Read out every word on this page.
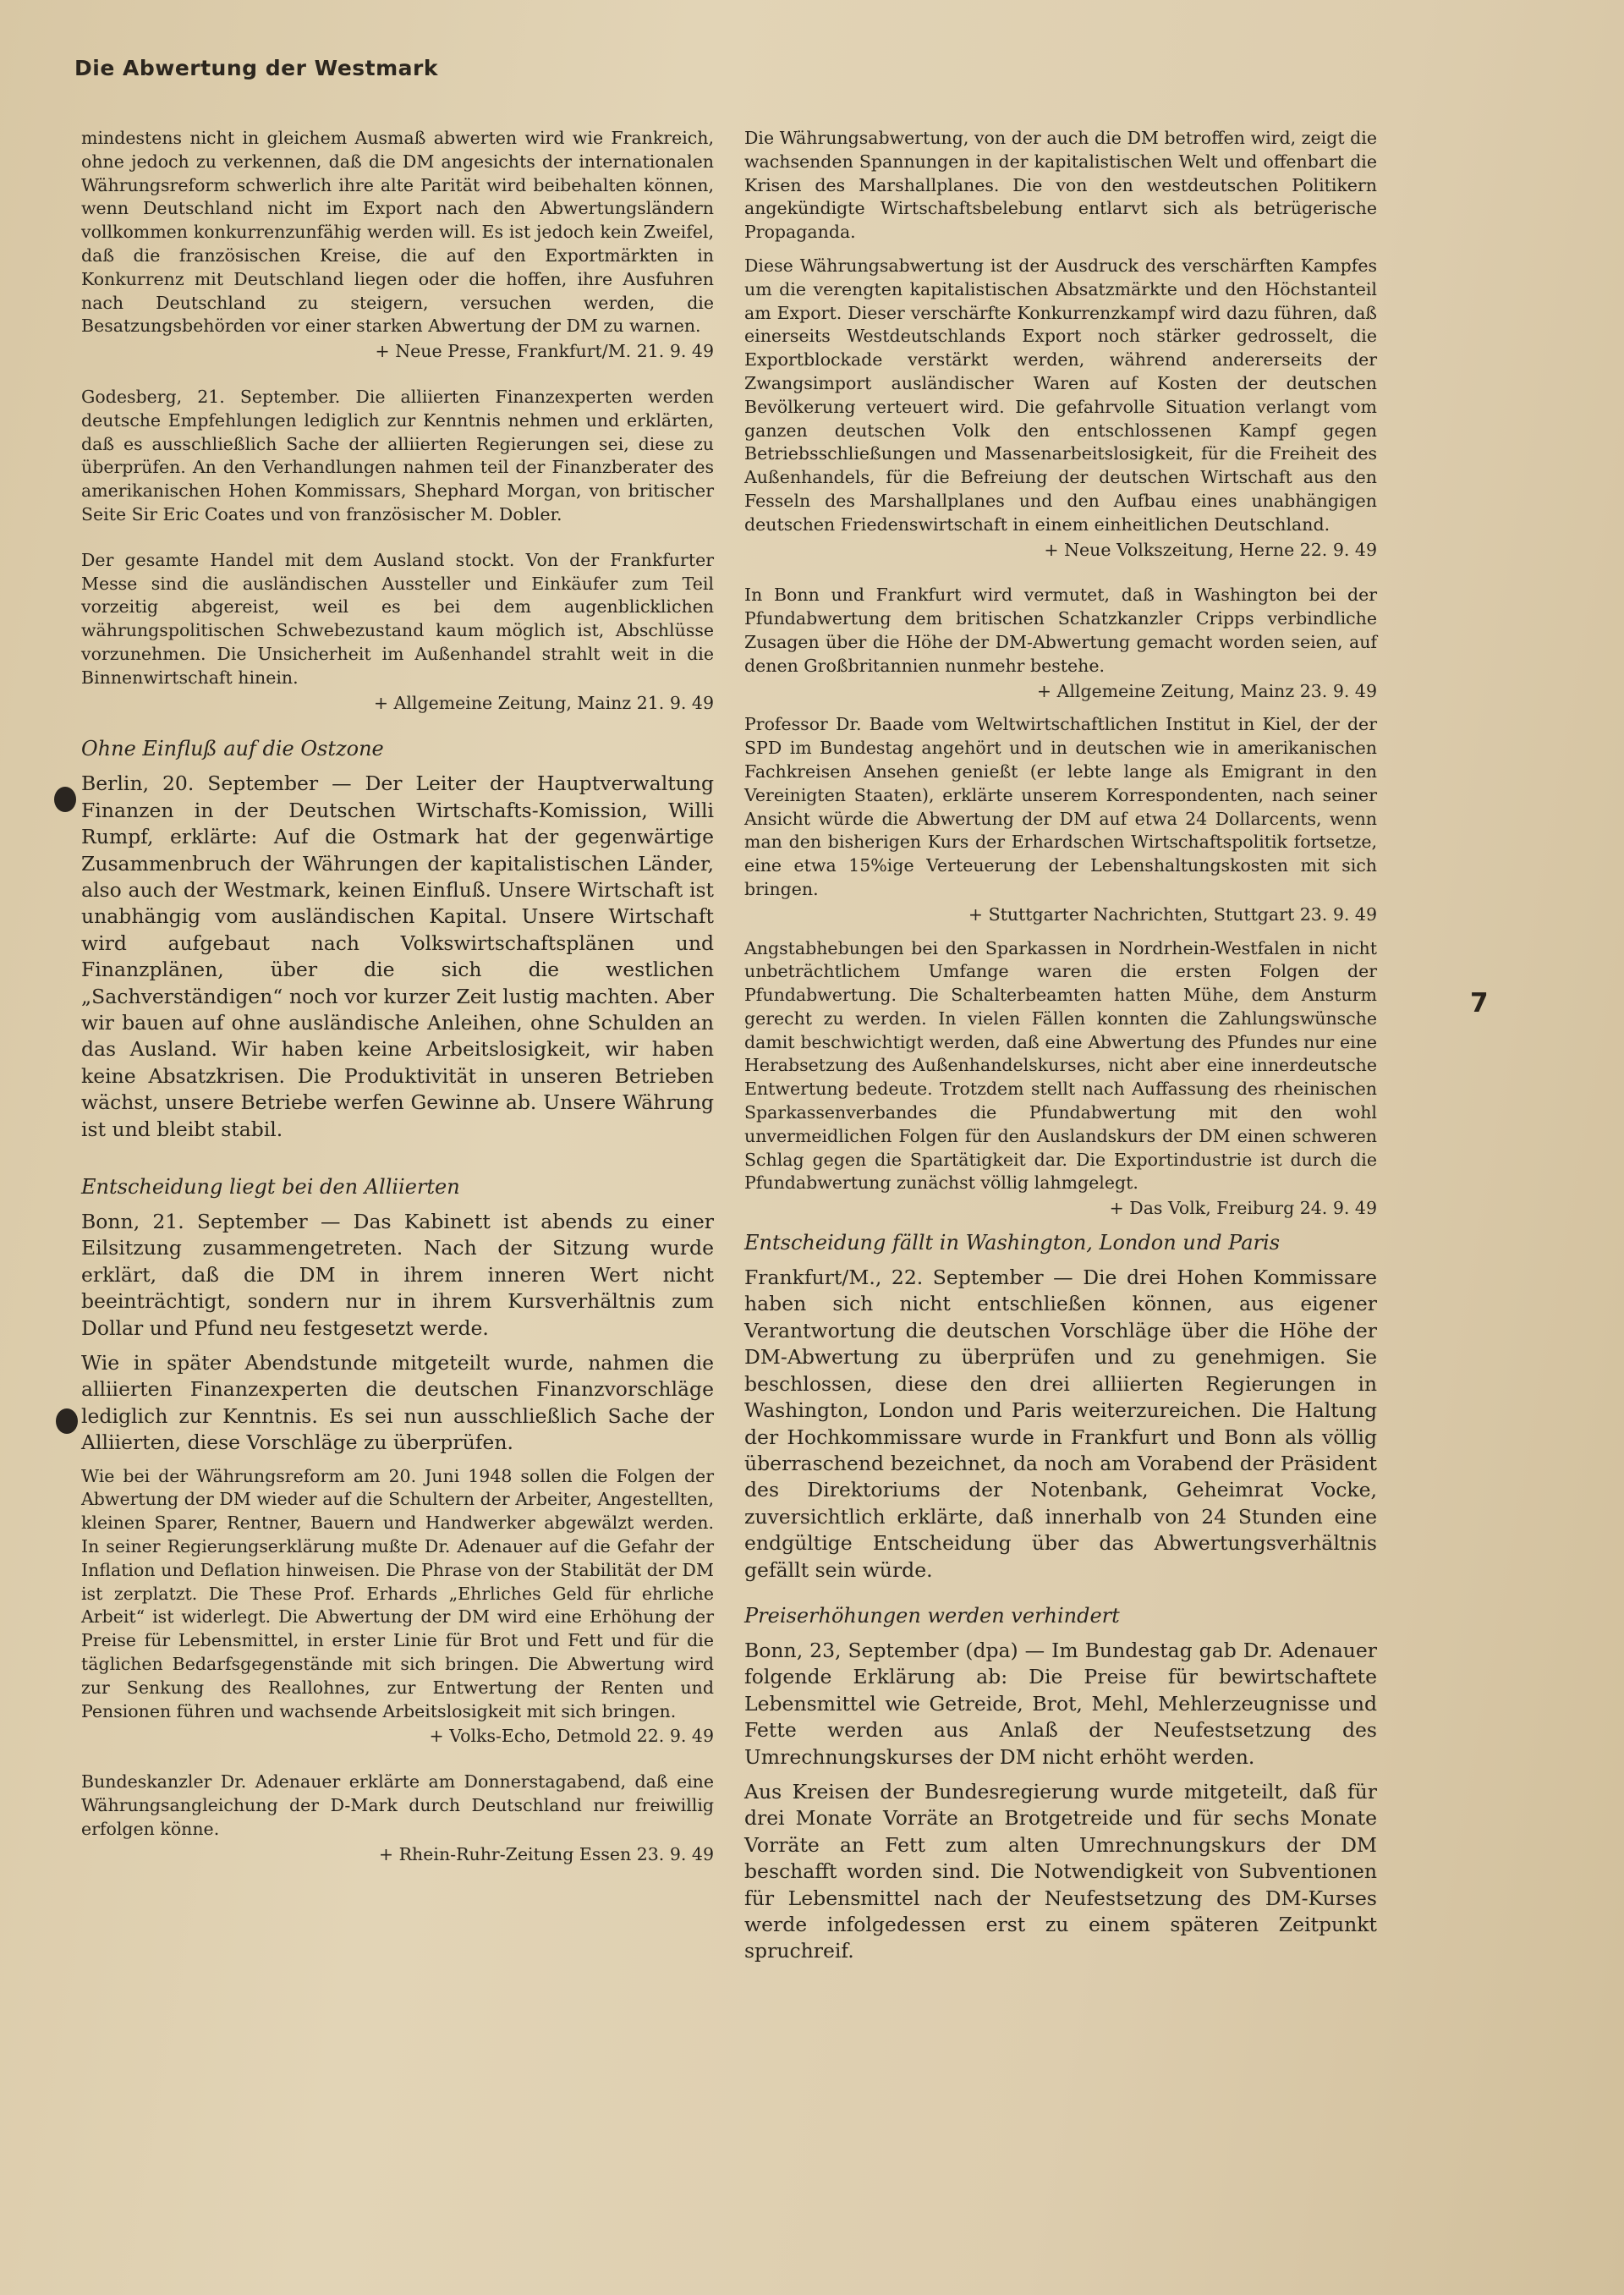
Die Abwertung der Westmark

mindestens nicht in gleichem Ausmaß abwerten wird wie Frankreich, ohne jedoch zu verkennen, daß die DM angesichts der internationalen Währungsreform schwerlich ihre alte Parität wird beibehalten können, wenn Deutschland nicht im Export nach den Abwertungsländern vollkommen konkurrenzunfähig werden will. Es ist jedoch kein Zweifel, daß die französischen Kreise, die auf den Exportmärkten in Konkurrenz mit Deutschland liegen oder die hoffen, ihre Ausfuhren nach Deutschland zu steigern, versuchen werden, die Besatzungsbehörden vor einer starken Abwertung der DM zu warnen.
+ Neue Presse, Frankfurt/M. 21. 9. 49

Godesberg, 21. September. Die alliierten Finanzexperten werden deutsche Empfehlungen lediglich zur Kenntnis nehmen und erklärten, daß es ausschließlich Sache der alliierten Regierungen sei, diese zu überprüfen. An den Verhandlungen nahmen teil der Finanzberater des amerikanischen Hohen Kommissars, Shephard Morgan, von britischer Seite Sir Eric Coates und von französischer M. Dobler.

Der gesamte Handel mit dem Ausland stockt. Von der Frankfurter Messe sind die ausländischen Aussteller und Einkäufer zum Teil vorzeitig abgereist, weil es bei dem augenblicklichen währungspolitischen Schwebezustand kaum möglich ist, Abschlüsse vorzunehmen. Die Unsicherheit im Außenhandel strahlt weit in die Binnenwirtschaft hinein.
+ Allgemeine Zeitung, Mainz 21. 9. 49

Ohne Einfluß auf die Ostzone

Berlin, 20. September — Der Leiter der Hauptverwaltung Finanzen in der Deutschen Wirtschafts-Komission, Willi Rumpf, erklärte: Auf die Ostmark hat der gegenwärtige Zusammenbruch der Währungen der kapitalistischen Länder, also auch der Westmark, keinen Einfluß. Unsere Wirtschaft ist unabhängig vom ausländischen Kapital. Unsere Wirtschaft wird aufgebaut nach Volkswirtschaftsplänen und Finanzplänen, über die sich die westlichen „Sachverständigen“ noch vor kurzer Zeit lustig machten. Aber wir bauen auf ohne ausländische Anleihen, ohne Schulden an das Ausland. Wir haben keine Arbeitslosigkeit, wir haben keine Absatzkrisen. Die Produktivität in unseren Betrieben wächst, unsere Betriebe werfen Gewinne ab. Unsere Währung ist und bleibt stabil.

Entscheidung liegt bei den Alliierten

Bonn, 21. September — Das Kabinett ist abends zu einer Eilsitzung zusammengetreten. Nach der Sitzung wurde erklärt, daß die DM in ihrem inneren Wert nicht beeinträchtigt, sondern nur in ihrem Kursverhältnis zum Dollar und Pfund neu festgesetzt werde.

Wie in später Abendstunde mitgeteilt wurde, nahmen die alliierten Finanzexperten die deutschen Finanzvorschläge lediglich zur Kenntnis. Es sei nun ausschließlich Sache der Alliierten, diese Vorschläge zu überprüfen.

Wie bei der Währungsreform am 20. Juni 1948 sollen die Folgen der Abwertung der DM wieder auf die Schultern der Arbeiter, Angestellten, kleinen Sparer, Rentner, Bauern und Handwerker abgewälzt werden. In seiner Regierungserklärung mußte Dr. Adenauer auf die Gefahr der Inflation und Deflation hinweisen. Die Phrase von der Stabilität der DM ist zerplatzt. Die These Prof. Erhards „Ehrliches Geld für ehrliche Arbeit“ ist widerlegt. Die Abwertung der DM wird eine Erhöhung der Preise für Lebensmittel, in erster Linie für Brot und Fett und für die täglichen Bedarfsgegenstände mit sich bringen. Die Abwertung wird zur Senkung des Reallohnes, zur Entwertung der Renten und Pensionen führen und wachsende Arbeitslosigkeit mit sich bringen.
+ Volks-Echo, Detmold 22. 9. 49

Bundeskanzler Dr. Adenauer erklärte am Donnerstagabend, daß eine Währungsangleichung der D-Mark durch Deutschland nur freiwillig erfolgen könne.
+ Rhein-Ruhr-Zeitung Essen 23. 9. 49

Die Währungsabwertung, von der auch die DM betroffen wird, zeigt die wachsenden Spannungen in der kapitalistischen Welt und offenbart die Krisen des Marshallplanes. Die von den westdeutschen Politikern angekündigte Wirtschaftsbelebung entlarvt sich als betrügerische Propaganda.

Diese Währungsabwertung ist der Ausdruck des verschärften Kampfes um die verengten kapitalistischen Absatzmärkte und den Höchstanteil am Export. Dieser verschärfte Konkurrenzkampf wird dazu führen, daß einerseits Westdeutschlands Export noch stärker gedrosselt, die Exportblockade verstärkt werden, während andererseits der Zwangsimport ausländischer Waren auf Kosten der deutschen Bevölkerung verteuert wird. Die gefahrvolle Situation verlangt vom ganzen deutschen Volk den entschlossenen Kampf gegen Betriebsschließungen und Massenarbeitslosigkeit, für die Freiheit des Außenhandels, für die Befreiung der deutschen Wirtschaft aus den Fesseln des Marshallplanes und den Aufbau eines unabhängigen deutschen Friedenswirtschaft in einem einheitlichen Deutschland.
+ Neue Volkszeitung, Herne 22. 9. 49

In Bonn und Frankfurt wird vermutet, daß in Washington bei der Pfundabwertung dem britischen Schatzkanzler Cripps verbindliche Zusagen über die Höhe der DM-Abwertung gemacht worden seien, auf denen Großbritannien nunmehr bestehe.
+ Allgemeine Zeitung, Mainz 23. 9. 49

Professor Dr. Baade vom Weltwirtschaftlichen Institut in Kiel, der der SPD im Bundestag angehört und in deutschen wie in amerikanischen Fachkreisen Ansehen genießt (er lebte lange als Emigrant in den Vereinigten Staaten), erklärte unserem Korrespondenten, nach seiner Ansicht würde die Abwertung der DM auf etwa 24 Dollarcents, wenn man den bisherigen Kurs der Erhardschen Wirtschaftspolitik fortsetze, eine etwa 15%ige Verteuerung der Lebenshaltungskosten mit sich bringen.
+ Stuttgarter Nachrichten, Stuttgart 23. 9. 49

Angstabhebungen bei den Sparkassen in Nordrhein-Westfalen in nicht unbeträchtlichem Umfange waren die ersten Folgen der Pfundabwertung. Die Schalterbeamten hatten Mühe, dem Ansturm gerecht zu werden. In vielen Fällen konnten die Zahlungswünsche damit beschwichtigt werden, daß eine Abwertung des Pfundes nur eine Herabsetzung des Außenhandelskurses, nicht aber eine innerdeutsche Entwertung bedeute. Trotzdem stellt nach Auffassung des rheinischen Sparkassenverbandes die Pfundabwertung mit den wohl unvermeidlichen Folgen für den Auslandskurs der DM einen schweren Schlag gegen die Spartätigkeit dar. Die Exportindustrie ist durch die Pfundabwertung zunächst völlig lahmgelegt.
+ Das Volk, Freiburg 24. 9. 49

Entscheidung fällt in Washington, London und Paris

Frankfurt/M., 22. September — Die drei Hohen Kommissare haben sich nicht entschließen können, aus eigener Verantwortung die deutschen Vorschläge über die Höhe der DM-Abwertung zu überprüfen und zu genehmigen. Sie beschlossen, diese den drei alliierten Regierungen in Washington, London und Paris weiterzureichen. Die Haltung der Hochkommissare wurde in Frankfurt und Bonn als völlig überraschend bezeichnet, da noch am Vorabend der Präsident des Direktoriums der Notenbank, Geheimrat Vocke, zuversichtlich erklärte, daß innerhalb von 24 Stunden eine endgültige Entscheidung über das Abwertungsverhältnis gefällt sein würde.

Preiserhöhungen werden verhindert

Bonn, 23, September (dpa) — Im Bundestag gab Dr. Adenauer folgende Erklärung ab: Die Preise für bewirtschaftete Lebensmittel wie Getreide, Brot, Mehl, Mehlerzeugnisse und Fette werden aus Anlaß der Neufestsetzung des Umrechnungskurses der DM nicht erhöht werden.

Aus Kreisen der Bundesregierung wurde mitgeteilt, daß für drei Monate Vorräte an Brotgetreide und für sechs Monate Vorräte an Fett zum alten Umrechnungskurs der DM beschafft worden sind. Die Notwendigkeit von Subventionen für Lebensmittel nach der Neufestsetzung des DM-Kurses werde infolgedessen erst zu einem späteren Zeitpunkt spruchreif.

7
